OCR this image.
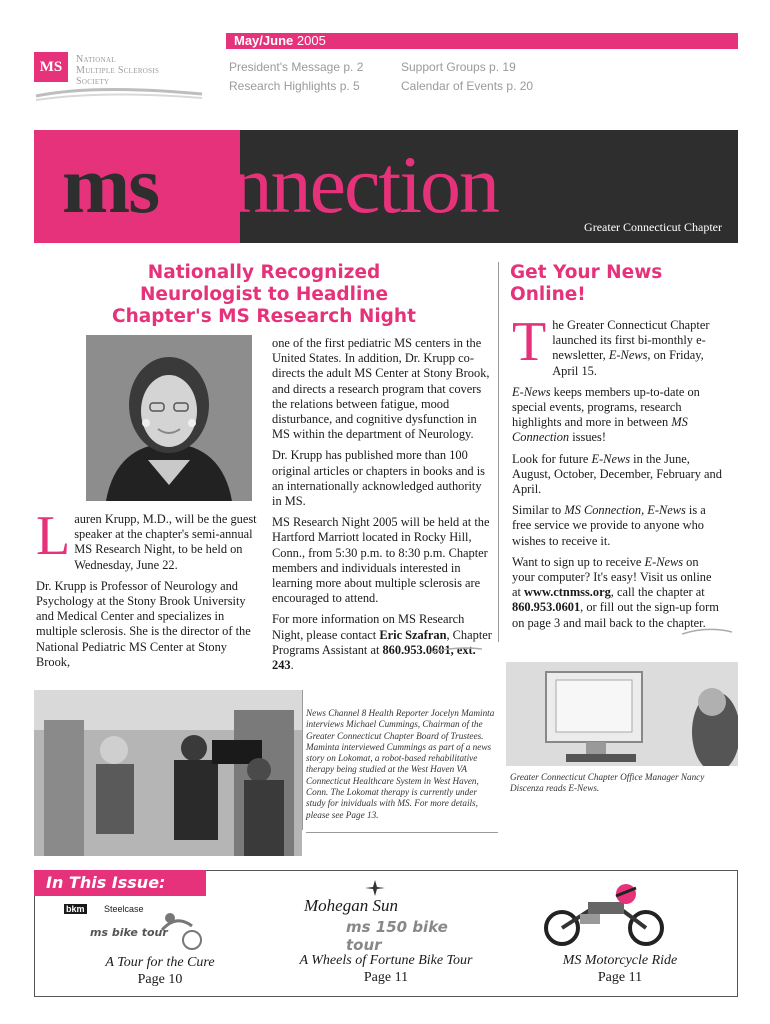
MS	National
Multiple Sclerosis
Society
May/June 2005
President's Message p. 2	Support Groups p. 19
Research Highlights p. 5	Calendar of Events p. 20
msconnection	Greater Connecticut Chapter
Nationally Recognized
Neurologist to Headline
Chapter's MS Research Night
Get Your News
Online!

Lauren Krupp, M.D., will be the guest speaker at the chapter's semi-annual MS Research Night, to be held on Wednesday, June 22.

Dr. Krupp is Professor of Neurology and Psychology at the Stony Brook University and Medical Center and specializes in multiple sclerosis. She is the director of the National Pediatric MS Center at Stony Brook,

one of the first pediatric MS centers in the United States. In addition, Dr. Krupp co-directs the adult MS Center at Stony Brook, and directs a research program that covers the relations between fatigue, mood disturbance, and cognitive dysfunction in MS within the department of Neurology.

Dr. Krupp has published more than 100 original articles or chapters in books and is an internationally acknowledged authority in MS.

MS Research Night 2005 will be held at the Hartford Marriott located in Rocky Hill, Conn., from 5:30 p.m. to 8:30 p.m. Chapter members and individuals interested in learning more about multiple sclerosis are encouraged to attend.

For more information on MS Research Night, please contact Eric Szafran, Chapter Programs Assistant at 860.953.0601, ext. 243.

The Greater Connecticut Chapter launched its first bi-monthly e-newsletter, E-News, on Friday, April 15.

E-News keeps members up-to-date on special events, programs, research highlights and more in between MS Connection issues!

Look for future E-News in the June, August, October, December, February and April.

Similar to MS Connection, E-News is a free service we provide to anyone who wishes to receive it.

Want to sign up to receive E-News on your computer? It's easy! Visit us online at www.ctnmss.org, call the chapter at 860.953.0601, or fill out the sign-up form on page 3 and mail back to the chapter.

News Channel 8 Health Reporter Jocelyn Maminta interviews Michael Cummings, Chairman of the Greater Connecticut Chapter Board of Trustees. Maminta interviewed Cummings as part of a news story on Lokomat, a robot-based rehabilitative therapy being studied at the West Haven VA Connecticut Healthcare System in West Haven, Conn. The Lokomat therapy is currently under study for inividuals with MS. For more details, please see Page 13.
Greater Connecticut Chapter Office Manager Nancy Discenza reads E-News.
In This Issue:
bkm Steelcase
ms bike tour
Mohegan Sun
ms 150 bike tour
A Tour for the Cure
Page 10
A Wheels of Fortune Bike Tour
Page 11
MS Motorcycle Ride
Page 11
